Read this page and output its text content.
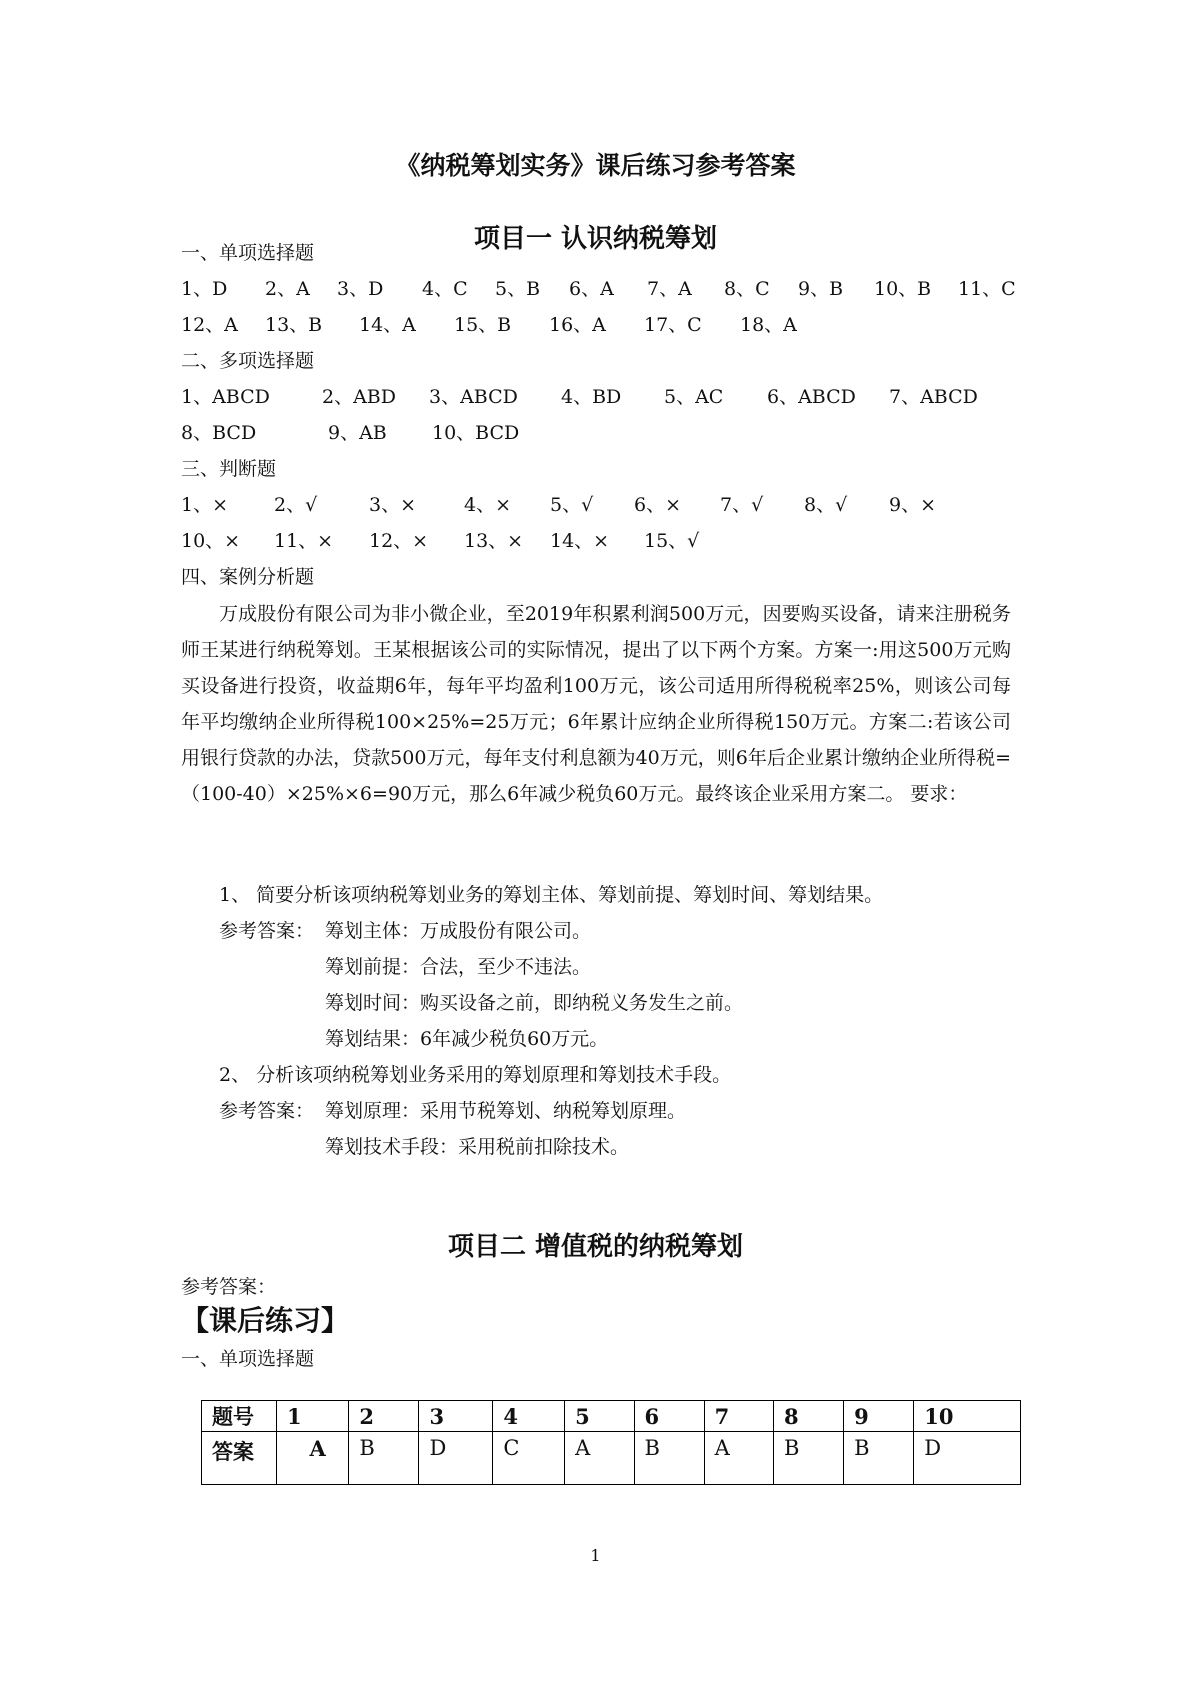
《纳税筹划实务》课后练习参考答案
项目一 认识纳税筹划
一、单项选择题
1、D 2、A 3、D 4、C 5、B 6、A 7、A 8、C 9、B 10、B 11、C
12、A 13、B 14、A 15、B 16、A 17、C 18、A
二、多项选择题
1、ABCD	2、ABD 3、ABCD 4、BD 5、AC 6、ABCD 7、ABCD
8、BCD	9、AB 10、BCD
三、判断题
1、× 2、√	3、×	4、× 5、√ 6、× 7、√ 8、√ 9、×
10、× 11、× 12、× 13、× 14、× 15、√
四、案例分析题
万成股份有限公司为非小微企业，至2019年积累利润500万元，因要购买设备，请来注册税务师王某进行纳税筹划。王某根据该公司的实际情况，提出了以下两个方案。方案一:用这500万元购买设备进行投资，收益期6年，每年平均盈利100万元，该公司适用所得税税率25%，则该公司每年平均缴纳企业所得税100×25%=25万元；6年累计应纳企业所得税150万元。方案二:若该公司用银行贷款的办法，贷款500万元，每年支付利息额为40万元，则6年后企业累计缴纳企业所得税=（100-40）×25%×6=90万元，那么6年减少税负60万元。最终该企业采用方案二。 要求：
1、 简要分析该项纳税筹划业务的筹划主体、筹划前提、筹划时间、筹划结果。
参考答案： 筹划主体：万成股份有限公司。
筹划前提：合法，至少不违法。
筹划时间：购买设备之前，即纳税义务发生之前。
筹划结果：6年减少税负60万元。
2、 分析该项纳税筹划业务采用的筹划原理和筹划技术手段。
参考答案： 筹划原理：采用节税筹划、纳税筹划原理。
筹划技术手段：采用税前扣除技术。
项目二 增值税的纳税筹划
参考答案：
【课后练习】
一、单项选择题
题号	1	2	3	4	5	6	7	8	9	10
答案	A	B	D	C	A	B	A	B	B	D
1
